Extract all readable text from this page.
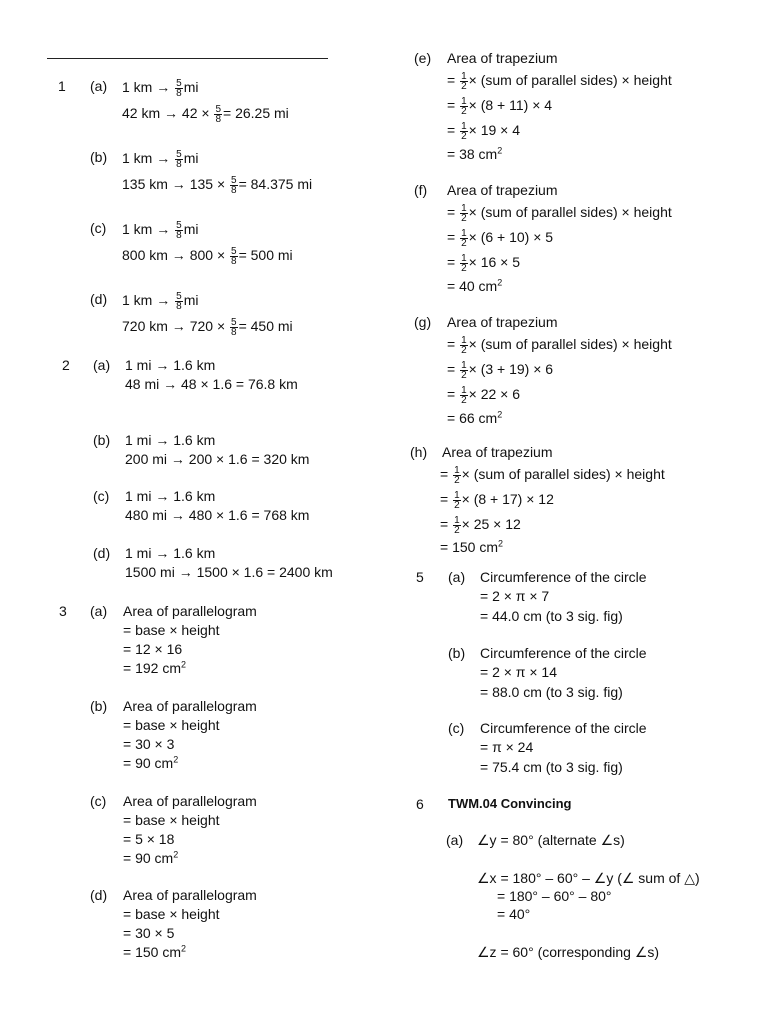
1 (a) 1 km → $\frac{5}{8}$ mi
42 km → $42 \times \frac{5}{8} = 26.25$ mi
(b) 1 km → $\frac{5}{8}$ mi
135 km → $135 \times \frac{5}{8} = 84.375$ mi
(c) 1 km → $\frac{5}{8}$ mi
800 km → $800 \times \frac{5}{8} = 500$ mi
(d) 1 km → $\frac{5}{8}$ mi
720 km → $720 \times \frac{5}{8} = 450$ mi
2 (a) 1 mi → 1.6 km
48 mi → 48 × 1.6 = 76.8 km
(b) 1 mi → 1.6 km
200 mi → 200 × 1.6 = 320 km
(c) 1 mi → 1.6 km
480 mi → 480 × 1.6 = 768 km
(d) 1 mi → 1.6 km
1500 mi → 1500 × 1.6 = 2400 km
3 (a) Area of parallelogram
= base × height
= 12 × 16
= 192 $cm^2$
(b) Area of parallelogram
= base × height
= 30 × 3
= 90 $cm^2$
(c) Area of parallelogram
= base × height
= 5 × 18
= 90 $cm^2$
(d) Area of parallelogram
= base × height
= 30 × 5
= 150 $cm^2$
(e) Area of trapezium
= $\frac{1}{2} \times (sum$ of parallel sides) × height
= $\frac{1}{2} \times (8 + 11) \times 4$
= $\frac{1}{2} \times 19 \times 4$
= 38 $cm^2$
(f) Area of trapezium
= $\frac{1}{2} \times (sum$ of parallel sides) × height
= $\frac{1}{2} \times (6 + 10) \times 5$
= $\frac{1}{2} \times 16 \times 5$
= 40 $cm^2$
(g) Area of trapezium
= $\frac{1}{2} \times (sum$ of parallel sides) × height
= $\frac{1}{2} \times (3 + 19) \times 6$
= $\frac{1}{2} \times 22 \times 6$
= 66 $cm^2$
(h) Area of trapezium
= $\frac{1}{2} \times (sum$ of parallel sides) × height
= $\frac{1}{2} \times (8 + 17) \times 12$
= $\frac{1}{2} \times 25 \times 12$
= 150 $cm^2$
5 (a) Circumference of the circle
= 2 × π × 7
= 44.0 cm (to 3 sig. fig)
(b) Circumference of the circle
= 2 × π × 14
= 88.0 cm (to 3 sig. fig)
(c) Circumference of the circle
= π × 24
= 75.4 cm (to 3 sig. fig)
6 TWM.04 Convincing
(a) ∠y = 80° (alternate ∠s)
∠x = 180° – 60° – ∠y (∠ sum of △)
= 180° – 60° – 80°
= 40°
∠z = 60° (corresponding ∠s)
